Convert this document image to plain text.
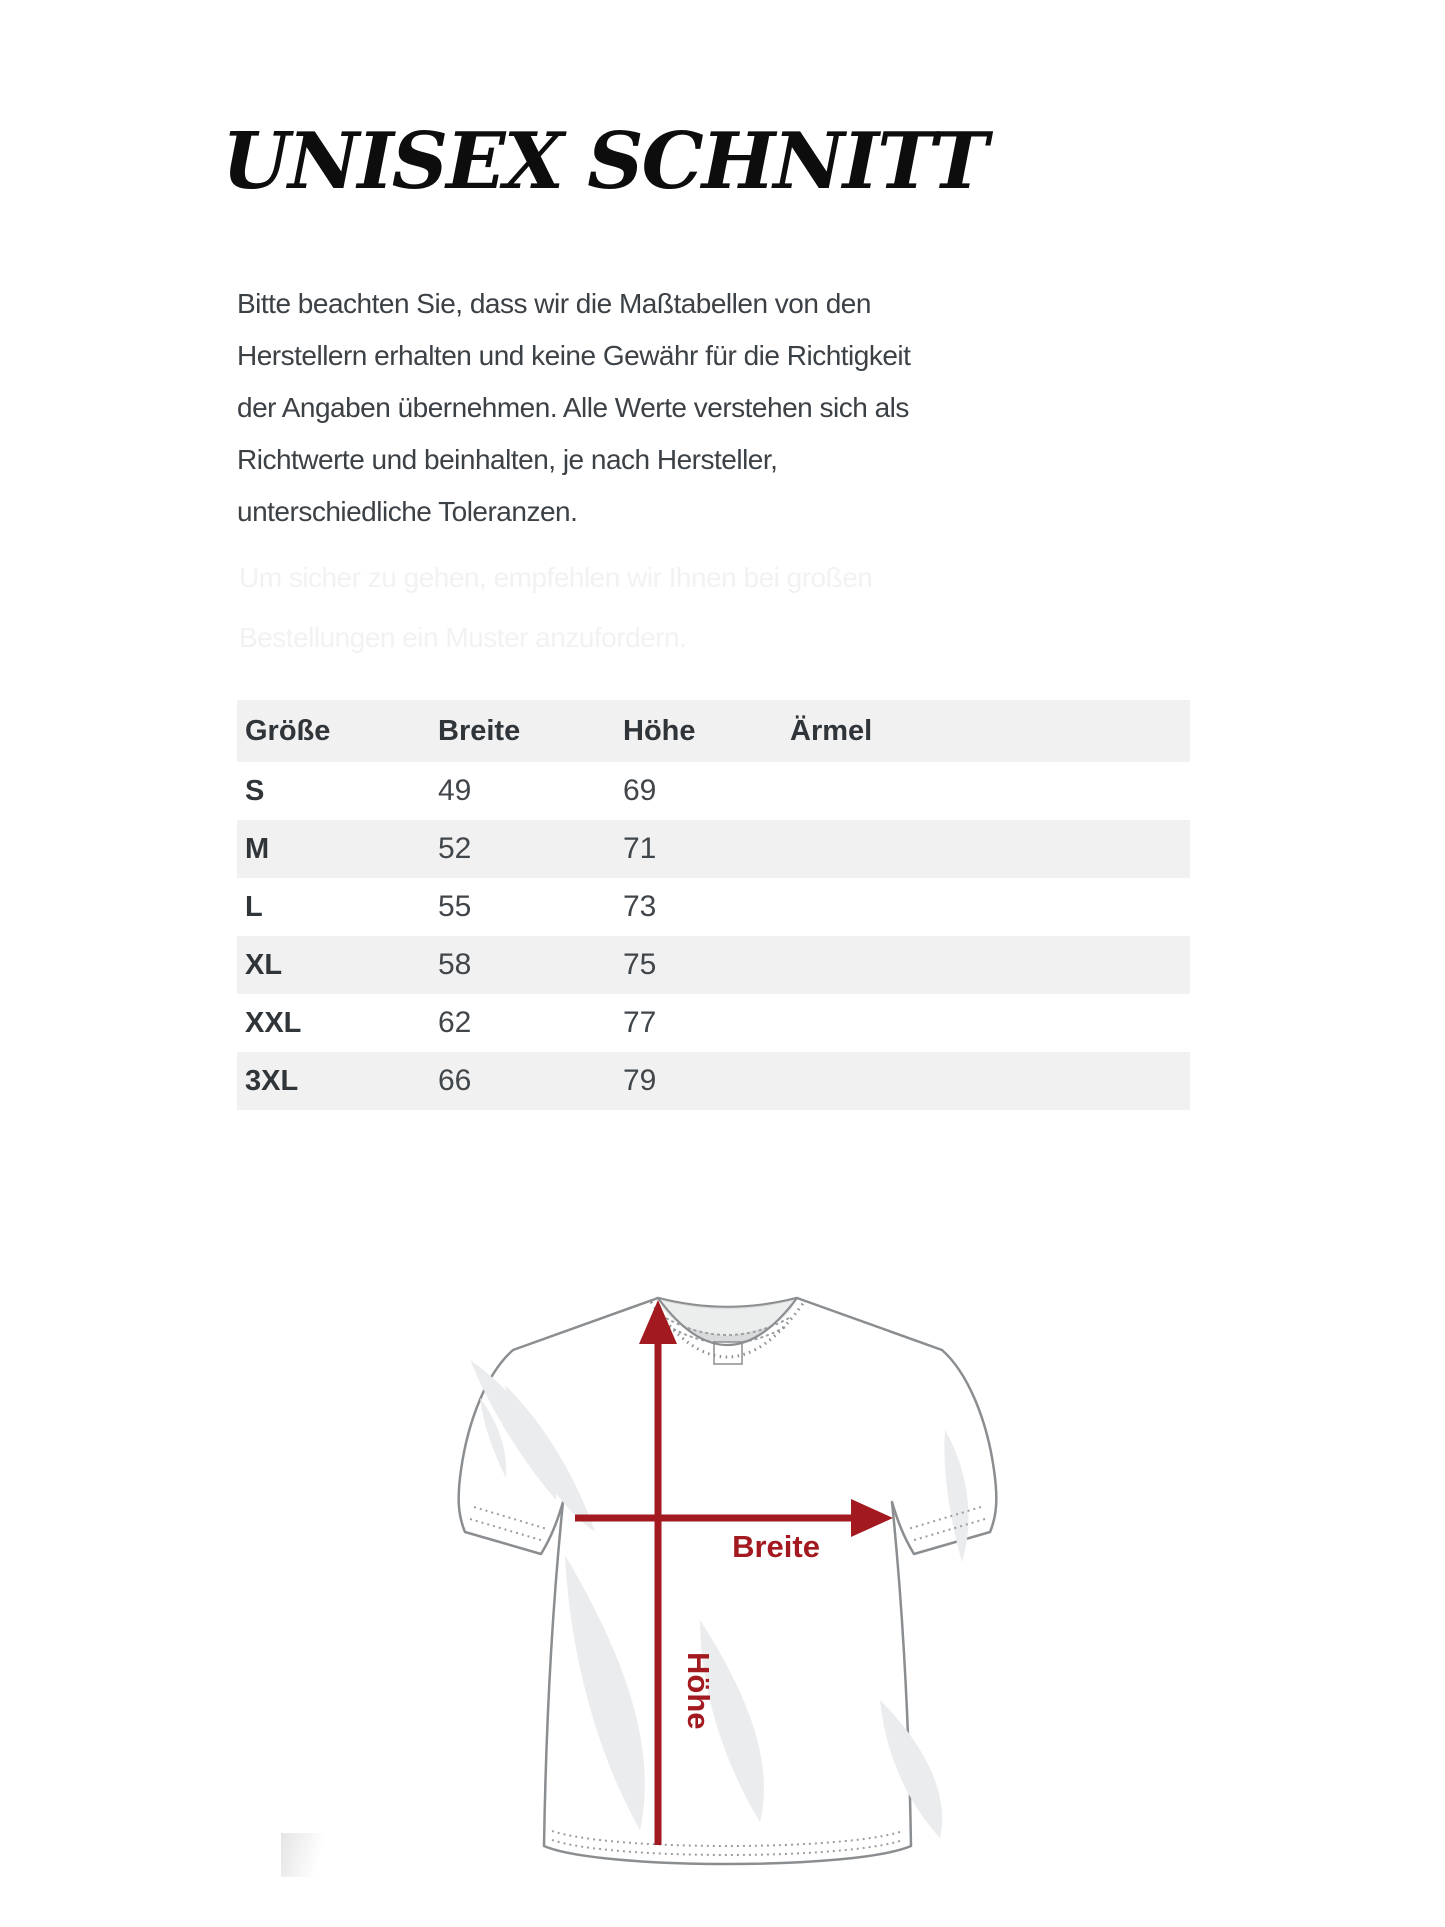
UNISEX SCHNITT
Bitte beachten Sie, dass wir die Maßtabellen von den
Herstellern erhalten und keine Gewähr für die Richtigkeit
der Angaben übernehmen. Alle Werte verstehen sich als
Richtwerte und beinhalten, je nach Hersteller,
unterschiedliche Toleranzen.
Um sicher zu gehen, empfehlen wir Ihnen bei großen
Bestellungen ein Muster anzufordern.
Größe	Breite	Höhe	Ärmel
S	49	69	
M	52	71	
L	55	73	
XL	58	75	
XXL	62	77	
3XL	66	79	
Breite
Höhe
